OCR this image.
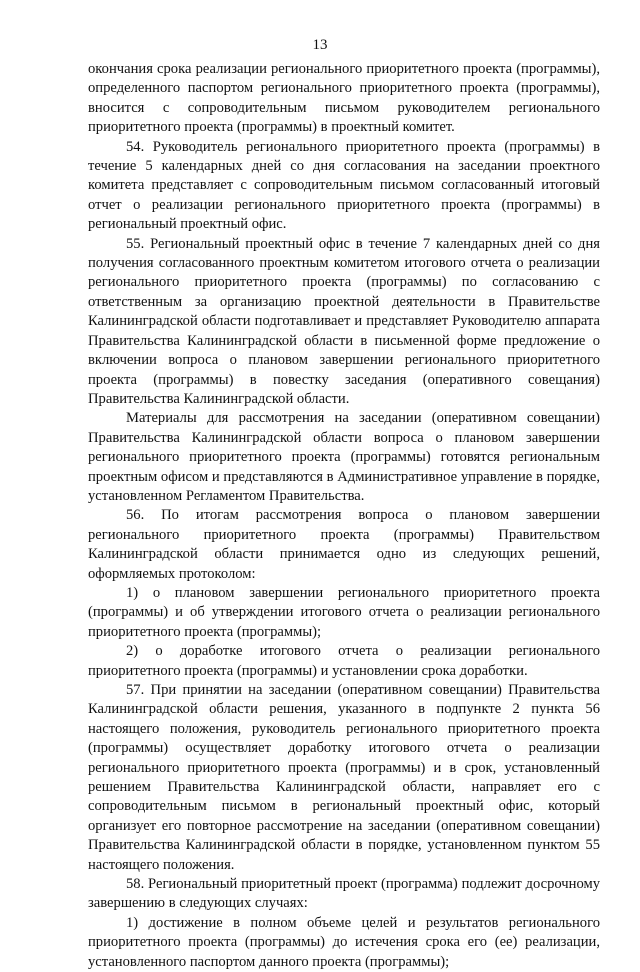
13

окончания срока реализации регионального приоритетного проекта (программы), определенного паспортом регионального приоритетного проекта (программы), вносится с сопроводительным письмом руководителем регионального приоритетного проекта (программы) в проектный комитет.

54. Руководитель регионального приоритетного проекта (программы) в течение 5 календарных дней со дня согласования на заседании проектного комитета представляет с сопроводительным письмом согласованный итоговый отчет о реализации регионального приоритетного проекта (программы) в региональный проектный офис.

55. Региональный проектный офис в течение 7 календарных дней со дня получения согласованного проектным комитетом итогового отчета о реализации регионального приоритетного проекта (программы) по согласованию с ответственным за организацию проектной деятельности в Правительстве Калининградской области подготавливает и представляет Руководителю аппарата Правительства Калининградской области в письменной форме предложение о включении вопроса о плановом завершении регионального приоритетного проекта (программы) в повестку заседания (оперативного совещания) Правительства Калининградской области.

Материалы для рассмотрения на заседании (оперативном совещании) Правительства Калининградской области вопроса о плановом завершении регионального приоритетного проекта (программы) готовятся региональным проектным офисом и представляются в Административное управление в порядке, установленном Регламентом Правительства.

56. По итогам рассмотрения вопроса о плановом завершении регионального приоритетного проекта (программы) Правительством Калининградской области принимается одно из следующих решений, оформляемых протоколом:

1) о плановом завершении регионального приоритетного проекта (программы) и об утверждении итогового отчета о реализации регионального приоритетного проекта (программы);

2) о доработке итогового отчета о реализации регионального приоритетного проекта (программы) и установлении срока доработки.

57. При принятии на заседании (оперативном совещании) Правительства Калининградской области решения, указанного в подпункте 2 пункта 56 настоящего положения, руководитель регионального приоритетного проекта (программы) осуществляет доработку итогового отчета о реализации регионального приоритетного проекта (программы) и в срок, установленный решением Правительства Калининградской области, направляет его с сопроводительным письмом в региональный проектный офис, который организует его повторное рассмотрение на заседании (оперативном совещании) Правительства Калининградской области в порядке, установленном пунктом 55 настоящего положения.

58. Региональный приоритетный проект (программа) подлежит досрочному завершению в следующих случаях:

1) достижение в полном объеме целей и результатов регионального приоритетного проекта (программы) до истечения срока его (ее) реализации, установленного паспортом данного проекта (программы);
